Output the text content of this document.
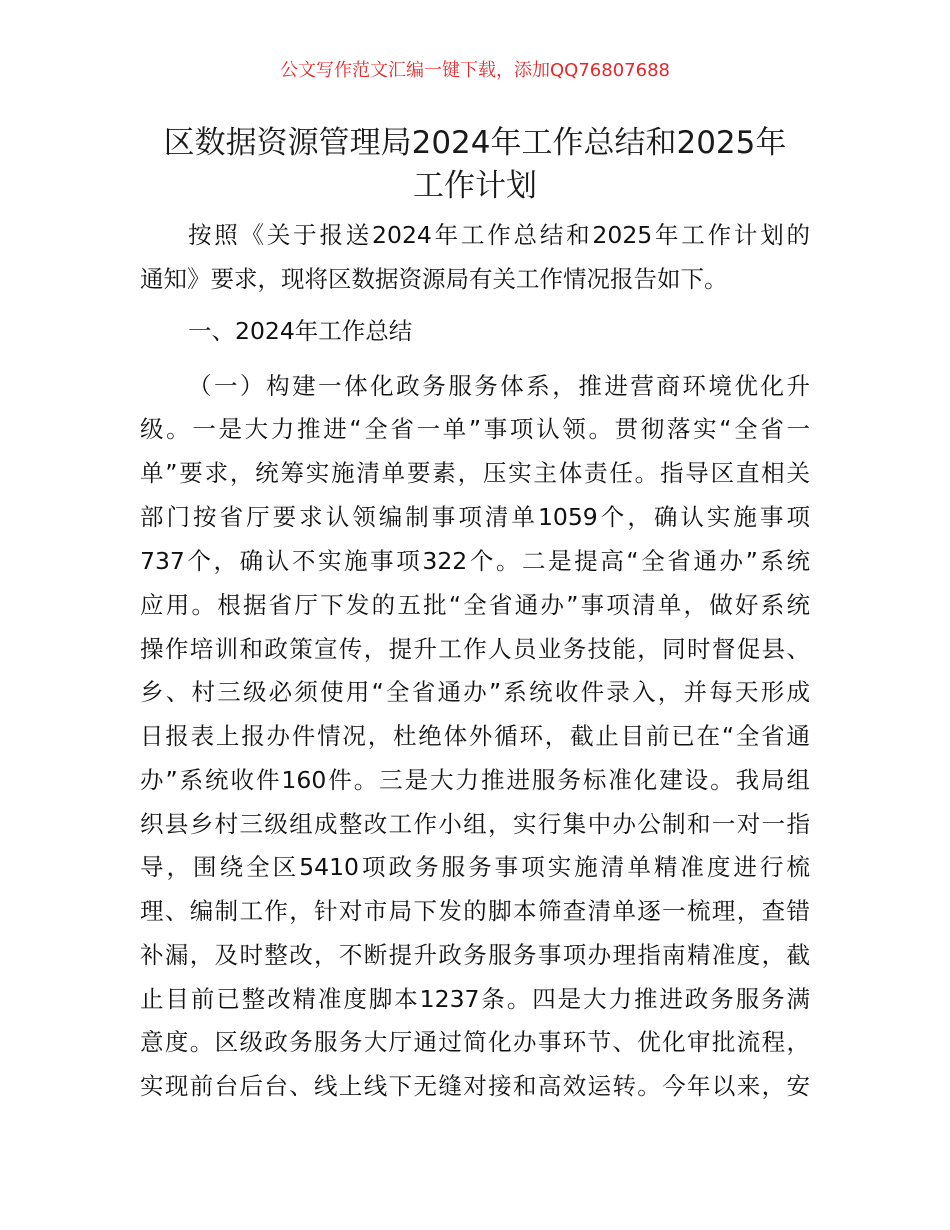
公文写作范文汇编一键下载，添加QQ76807688
区数据资源管理局2024年工作总结和2025年
工作计划
按照《关于报送2024年工作总结和2025年工作计划的
通知》要求，现将区数据资源局有关工作情况报告如下。
一、2024年工作总结
（一）构建一体化政务服务体系，推进营商环境优化升
级。一是大力推进“全省一单”事项认领。贯彻落实“全省一
单”要求，统筹实施清单要素，压实主体责任。指导区直相关
部门按省厅要求认领编制事项清单1059个，确认实施事项
737个，确认不实施事项322个。二是提高“全省通办”系统
应用。根据省厅下发的五批“全省通办”事项清单，做好系统
操作培训和政策宣传，提升工作人员业务技能，同时督促县、
乡、村三级必须使用“全省通办”系统收件录入，并每天形成
日报表上报办件情况，杜绝体外循环，截止目前已在“全省通
办”系统收件160件。三是大力推进服务标准化建设。我局组
织县乡村三级组成整改工作小组，实行集中办公制和一对一指
导，围绕全区5410项政务服务事项实施清单精准度进行梳
理、编制工作，针对市局下发的脚本筛查清单逐一梳理，查错
补漏，及时整改，不断提升政务服务事项办理指南精准度，截
止目前已整改精准度脚本1237条。四是大力推进政务服务满
意度。区级政务服务大厅通过简化办事环节、优化审批流程，
实现前台后台、线上线下无缝对接和高效运转。今年以来，安
